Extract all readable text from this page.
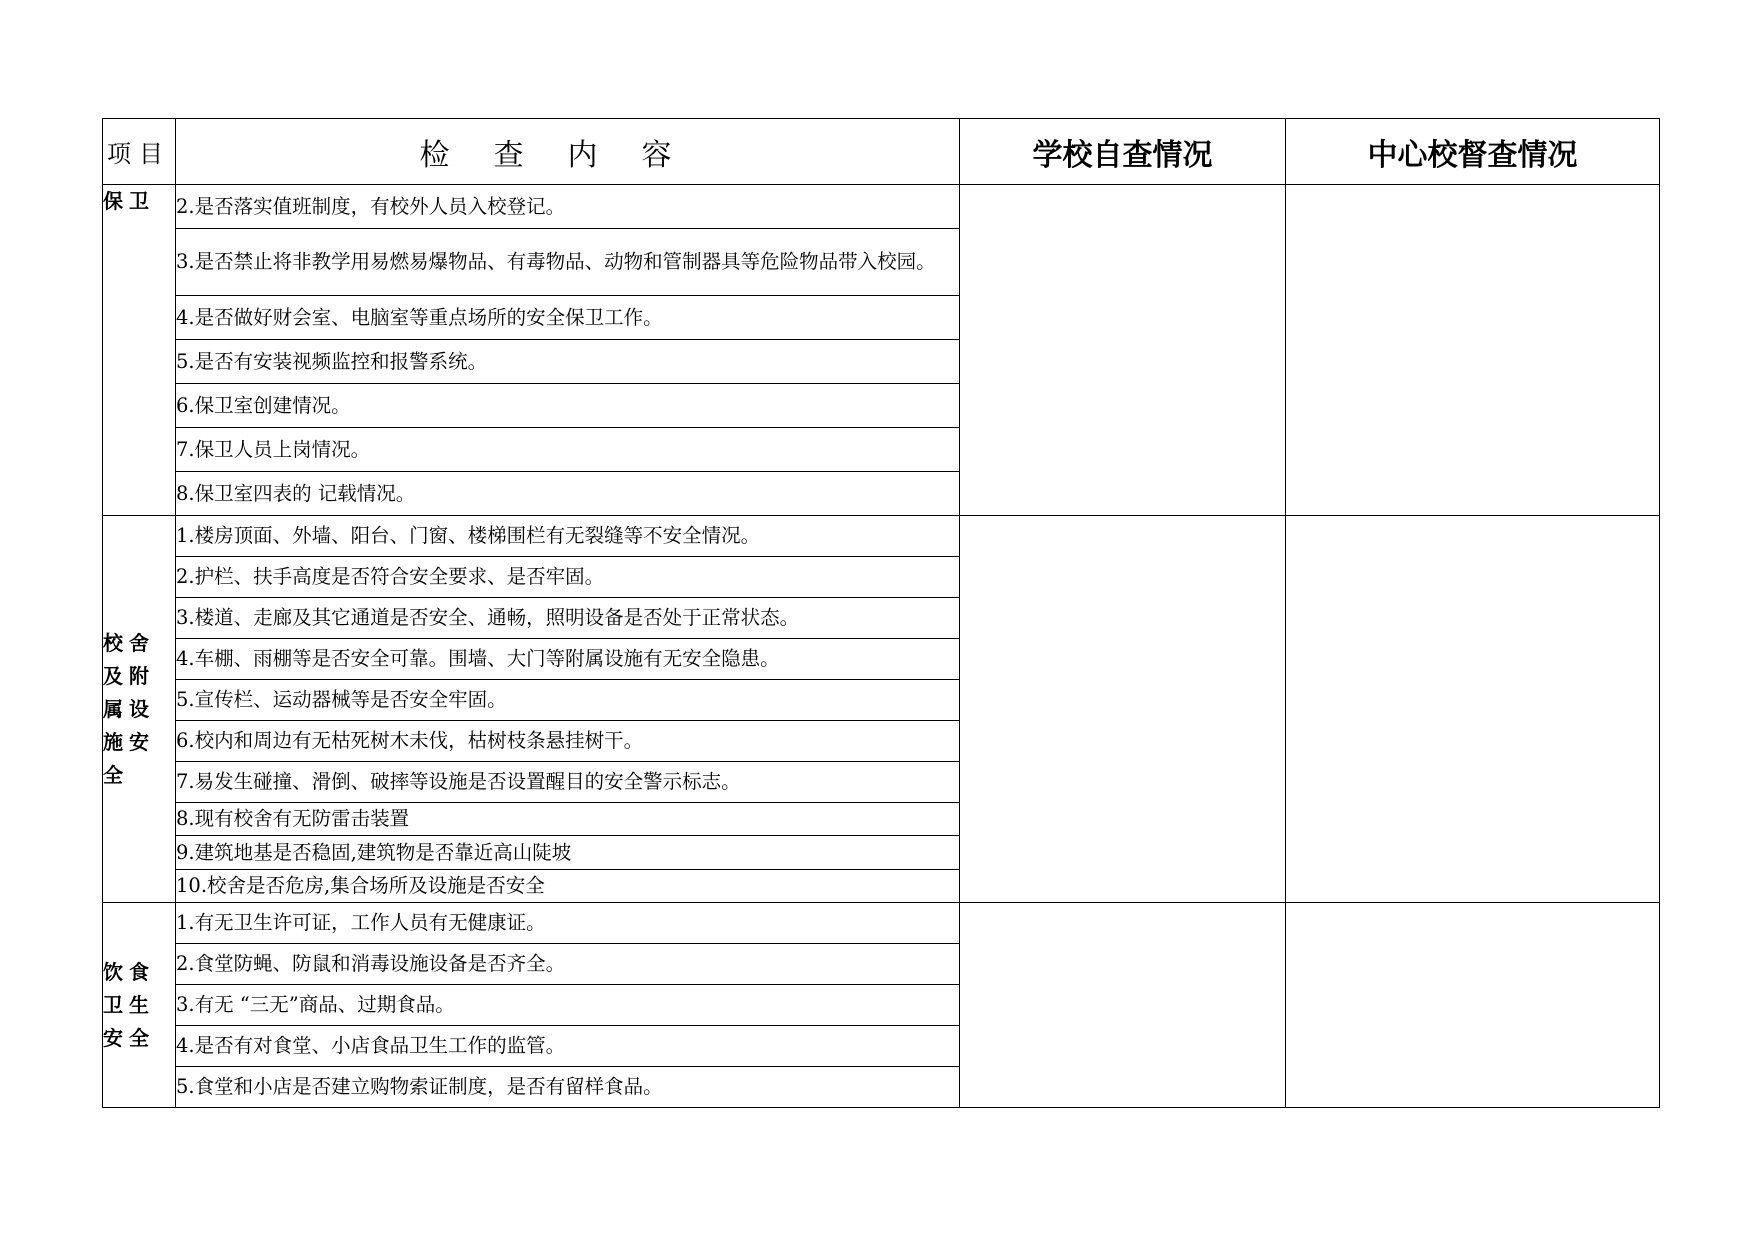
项目	检查内容	学校自查情况	中心校督查情况
保卫	2.是否落实值班制度，有校外人员入校登记。		
	3.是否禁止将非教学用易燃易爆物品、有毒物品、动物和管制器具等危险物品带入校园。		
	4.是否做好财会室、电脑室等重点场所的安全保卫工作。		
	5.是否有安装视频监控和报警系统。		
	6.保卫室创建情况。		
	7.保卫人员上岗情况。		
	8.保卫室四表的 记载情况。		
校舍及附属设施安全	1.楼房顶面、外墙、阳台、门窗、楼梯围栏有无裂缝等不安全情况。		
	2.护栏、扶手高度是否符合安全要求、是否牢固。		
	3.楼道、走廊及其它通道是否安全、通畅，照明设备是否处于正常状态。		
	4.车棚、雨棚等是否安全可靠。围墙、大门等附属设施有无安全隐患。		
	5.宣传栏、运动器械等是否安全牢固。		
	6.校内和周边有无枯死树木未伐，枯树枝条悬挂树干。		
	7.易发生碰撞、滑倒、破摔等设施是否设置醒目的安全警示标志。		
	8.现有校舍有无防雷击装置		
	9.建筑地基是否稳固,建筑物是否靠近高山陡坡		
	10.校舍是否危房,集合场所及设施是否安全		
饮食卫生安全	1.有无卫生许可证，工作人员有无健康证。		
	2.食堂防蝇、防鼠和消毒设施设备是否齐全。		
	3.有无 “三无”商品、过期食品。		
	4.是否有对食堂、小店食品卫生工作的监管。		
	5.食堂和小店是否建立购物索证制度，是否有留样食品。		
